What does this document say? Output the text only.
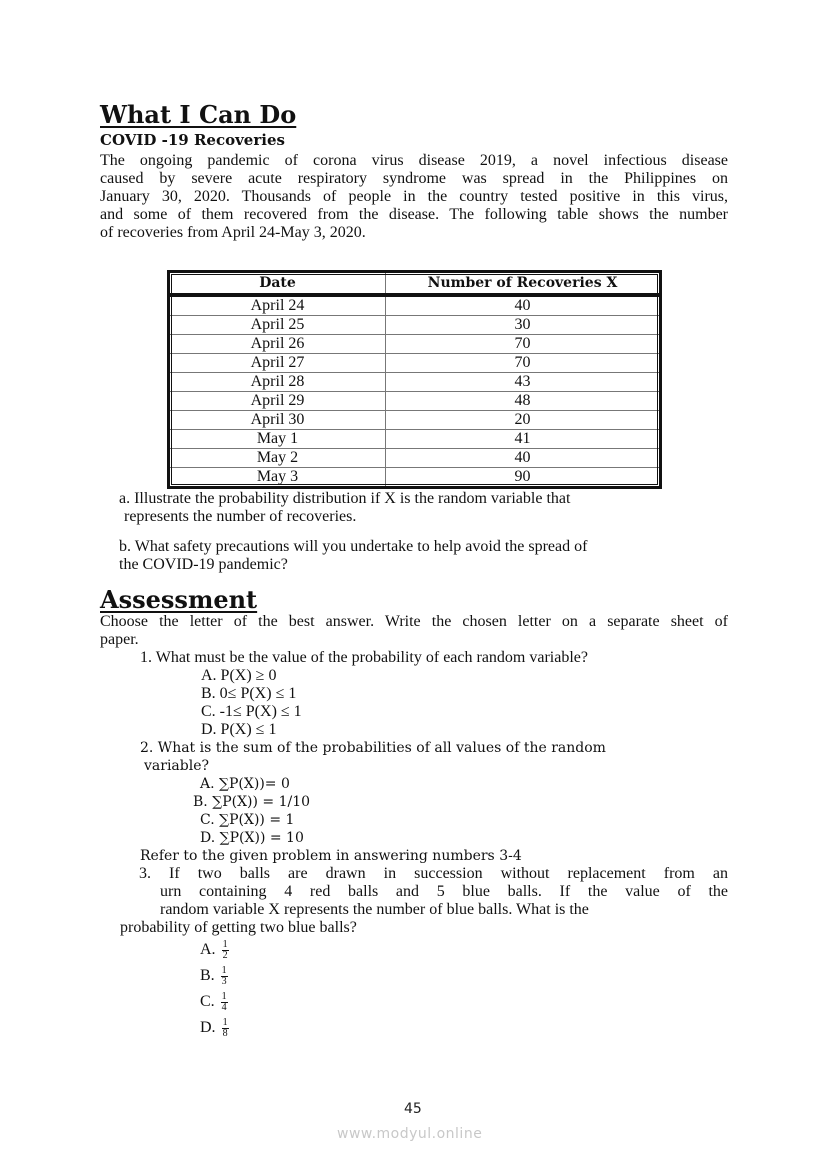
What I Can Do
COVID -19 Recoveries
The ongoing pandemic of corona virus disease 2019, a novel infectious disease
caused by severe acute respiratory syndrome was spread in the Philippines on
January 30, 2020. Thousands of people in the country tested positive in this virus,
and some of them recovered from the disease. The following table shows the number
of recoveries from April 24-May 3, 2020.
Date	Number of Recoveries X
April 24	40
April 25	30
April 26	70
April 27	70
April 28	43
April 29	48
April 30	20
May 1	41
May 2	40
May 3	90
a. Illustrate the probability distribution if X is the random variable that
represents the number of recoveries.
b. What safety precautions will you undertake to help avoid the spread of
the COVID-19 pandemic?
Assessment
Choose the letter of the best answer. Write the chosen letter on a separate sheet of
paper.
1. What must be the value of the probability of each random variable?
A. P(X) ≥ 0
B. 0≤ P(X) ≤ 1
C. -1≤ P(X) ≤ 1
D. P(X) ≤ 1
2. What is the sum of the probabilities of all values of the random
variable?
A. ∑P(X))= 0
B. ∑P(X)) = 1/10
C. ∑P(X)) = 1
D. ∑P(X)) = 10
Refer to the given problem in answering numbers 3-4
3. If two balls are drawn in succession without replacement from an
urn containing 4 red balls and 5 blue balls. If the value of the
random variable X represents the number of blue balls. What is the
probability of getting two blue balls?
A. $\frac{1}{2}$
B. $\frac{1}{3}$
C. $\frac{1}{4}$
D. $\frac{1}{8}$
45
www.modyul.online
